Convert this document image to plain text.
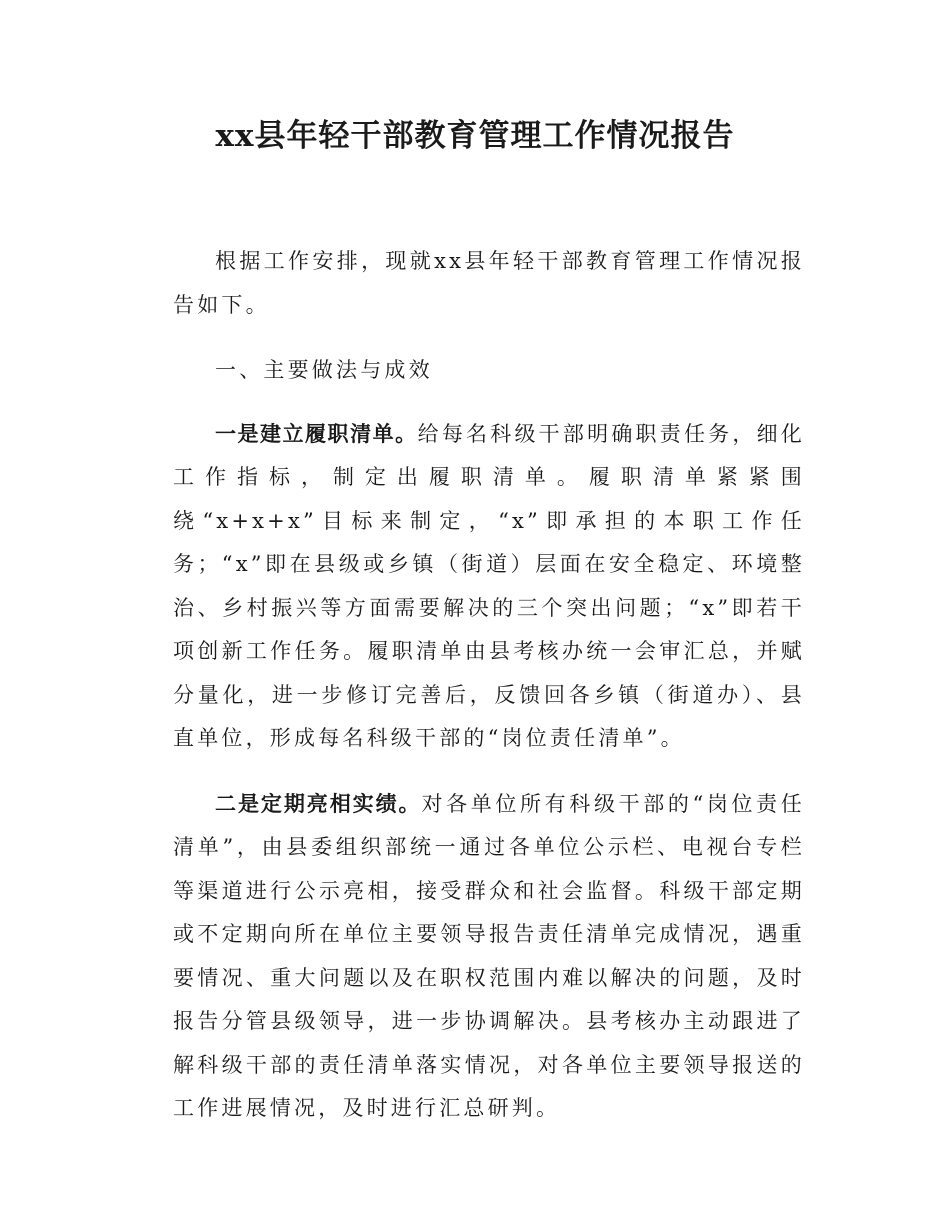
xx县年轻干部教育管理工作情况报告

根据工作安排，现就xx县年轻干部教育管理工作情况报告如下。

一、主要做法与成效

一是建立履职清单。给每名科级干部明确职责任务，细化工作指标，制定出履职清单。履职清单紧紧围绕“x+x+x”目标来制定，“x”即承担的本职工作任务；“x”即在县级或乡镇（街道）层面在安全稳定、环境整治、乡村振兴等方面需要解决的三个突出问题；“x”即若干项创新工作任务。履职清单由县考核办统一会审汇总，并赋分量化，进一步修订完善后，反馈回各乡镇（街道办）、县直单位，形成每名科级干部的“岗位责任清单”。

二是定期亮相实绩。对各单位所有科级干部的“岗位责任清单”，由县委组织部统一通过各单位公示栏、电视台专栏等渠道进行公示亮相，接受群众和社会监督。科级干部定期或不定期向所在单位主要领导报告责任清单完成情况，遇重要情况、重大问题以及在职权范围内难以解决的问题，及时报告分管县级领导，进一步协调解决。县考核办主动跟进了解科级干部的责任清单落实情况，对各单位主要领导报送的工作进展情况，及时进行汇总研判。
